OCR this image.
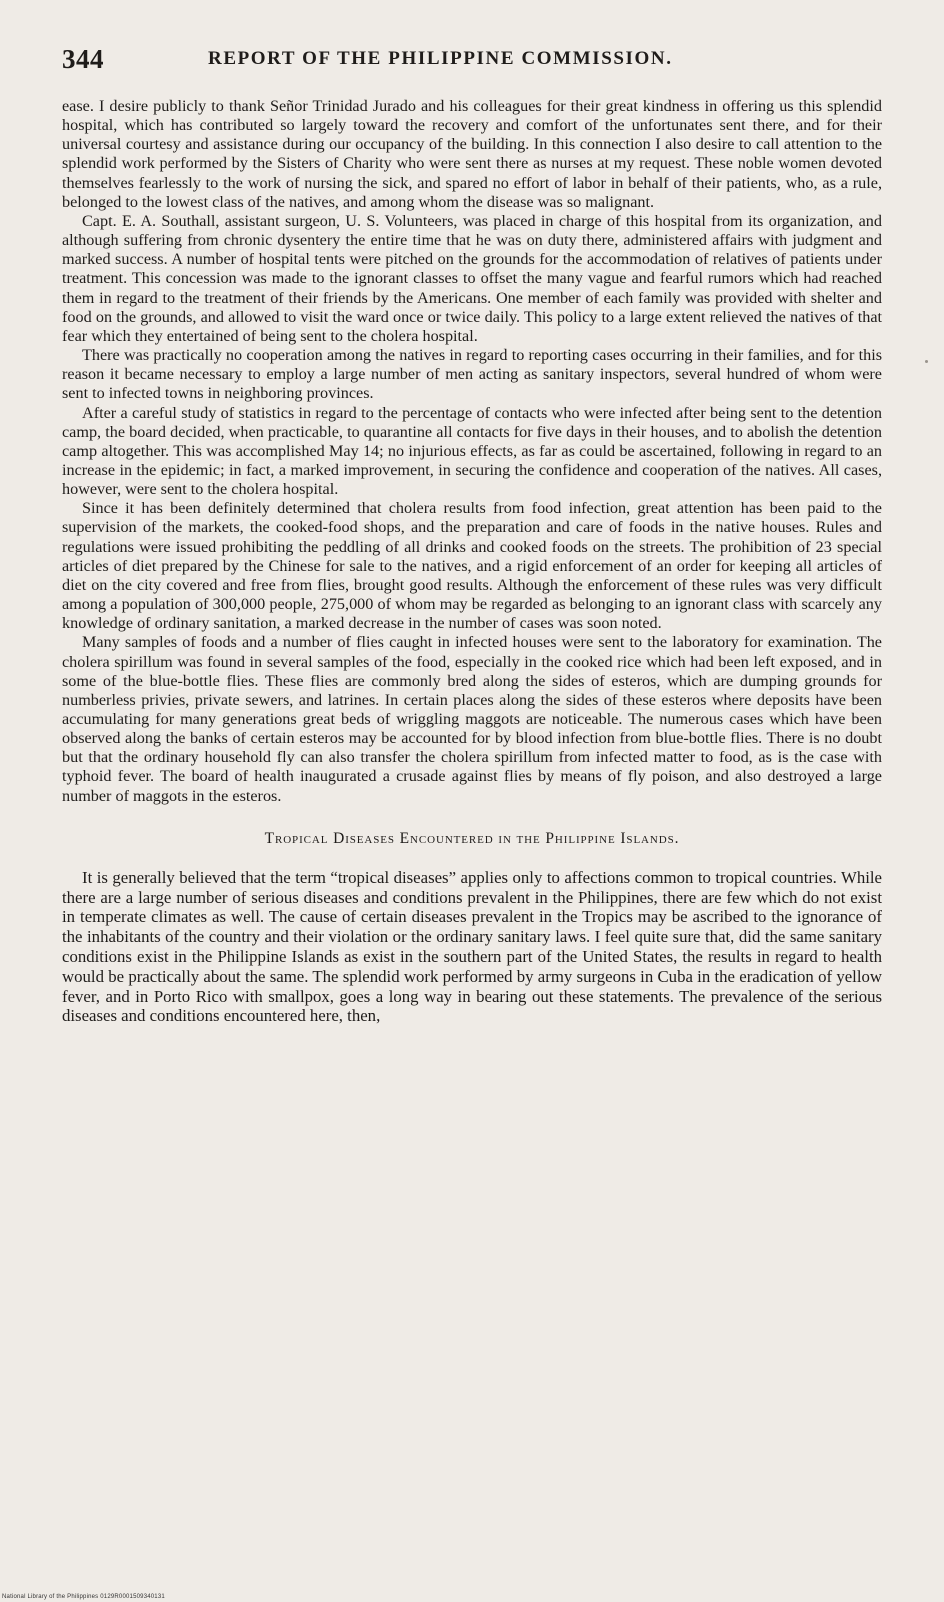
344	REPORT OF THE PHILIPPINE COMMISSION.

ease. I desire publicly to thank Señor Trinidad Jurado and his colleagues for their great kindness in offering us this splendid hospital, which has contributed so largely toward the recovery and comfort of the unfortunates sent there, and for their universal courtesy and assistance during our occupancy of the building. In this connection I also desire to call attention to the splendid work performed by the Sisters of Charity who were sent there as nurses at my request. These noble women devoted themselves fearlessly to the work of nursing the sick, and spared no effort of labor in behalf of their patients, who, as a rule, belonged to the lowest class of the natives, and among whom the disease was so malignant.

Capt. E. A. Southall, assistant surgeon, U. S. Volunteers, was placed in charge of this hospital from its organization, and although suffering from chronic dysentery the entire time that he was on duty there, administered affairs with judgment and marked success. A number of hospital tents were pitched on the grounds for the accommodation of relatives of patients under treatment. This concession was made to the ignorant classes to offset the many vague and fearful rumors which had reached them in regard to the treatment of their friends by the Americans. One member of each family was provided with shelter and food on the grounds, and allowed to visit the ward once or twice daily. This policy to a large extent relieved the natives of that fear which they entertained of being sent to the cholera hospital.

There was practically no cooperation among the natives in regard to reporting cases occurring in their families, and for this reason it became necessary to employ a large number of men acting as sanitary inspectors, several hundred of whom were sent to infected towns in neighboring provinces.

After a careful study of statistics in regard to the percentage of contacts who were infected after being sent to the detention camp, the board decided, when practicable, to quarantine all contacts for five days in their houses, and to abolish the detention camp altogether. This was accomplished May 14; no injurious effects, as far as could be ascertained, following in regard to an increase in the epidemic; in fact, a marked improvement, in securing the confidence and cooperation of the natives. All cases, however, were sent to the cholera hospital.

Since it has been definitely determined that cholera results from food infection, great attention has been paid to the supervision of the markets, the cooked-food shops, and the preparation and care of foods in the native houses. Rules and regulations were issued prohibiting the peddling of all drinks and cooked foods on the streets. The prohibition of 23 special articles of diet prepared by the Chinese for sale to the natives, and a rigid enforcement of an order for keeping all articles of diet on the city covered and free from flies, brought good results. Although the enforcement of these rules was very difficult among a population of 300,000 people, 275,000 of whom may be regarded as belonging to an ignorant class with scarcely any knowledge of ordinary sanitation, a marked decrease in the number of cases was soon noted.

Many samples of foods and a number of flies caught in infected houses were sent to the laboratory for examination. The cholera spirillum was found in several samples of the food, especially in the cooked rice which had been left exposed, and in some of the blue-bottle flies. These flies are commonly bred along the sides of esteros, which are dumping grounds for numberless privies, private sewers, and latrines. In certain places along the sides of these esteros where deposits have been accumulating for many generations great beds of wriggling maggots are noticeable. The numerous cases which have been observed along the banks of certain esteros may be accounted for by blood infection from blue-bottle flies. There is no doubt but that the ordinary household fly can also transfer the cholera spirillum from infected matter to food, as is the case with typhoid fever. The board of health inaugurated a crusade against flies by means of fly poison, and also destroyed a large number of maggots in the esteros.

Tropical Diseases Encountered in the Philippine Islands.

It is generally believed that the term “tropical diseases” applies only to affections common to tropical countries. While there are a large number of serious diseases and conditions prevalent in the Philippines, there are few which do not exist in temperate climates as well. The cause of certain diseases prevalent in the Tropics may be ascribed to the ignorance of the inhabitants of the country and their violation or the ordinary sanitary laws. I feel quite sure that, did the same sanitary conditions exist in the Philippine Islands as exist in the southern part of the United States, the results in regard to health would be practically about the same. The splendid work performed by army surgeons in Cuba in the eradication of yellow fever, and in Porto Rico with smallpox, goes a long way in bearing out these statements. The prevalence of the serious diseases and conditions encountered here, then,

National Library of the Philippines 0129R0001509340131
